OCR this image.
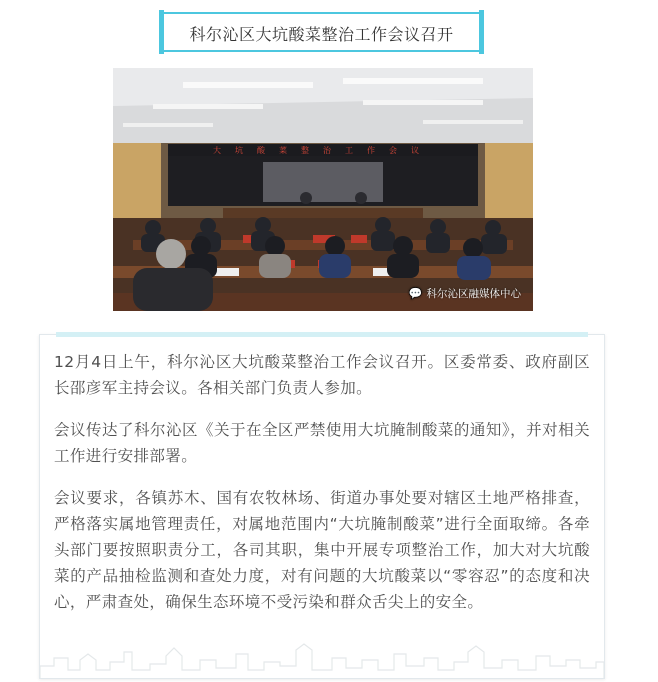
科尔沁区大坑酸菜整治工作会议召开
大坑酸菜整治工作会议
💬 科尔沁区融媒体中心

12月4日上午，科尔沁区大坑酸菜整治工作会议召开。区委常委、政府副区长邵彦军主持会议。各相关部门负责人参加。

会议传达了科尔沁区《关于在全区严禁使用大坑腌制酸菜的通知》，并对相关工作进行安排部署。

会议要求，各镇苏木、国有农牧林场、街道办事处要对辖区土地严格排查，严格落实属地管理责任，对属地范围内“大坑腌制酸菜”进行全面取缔。各牵头部门要按照职责分工，各司其职，集中开展专项整治工作，加大对大坑酸菜的产品抽检监测和查处力度，对有问题的大坑酸菜以“零容忍”的态度和决心，严肃查处，确保生态环境不受污染和群众舌尖上的安全。
